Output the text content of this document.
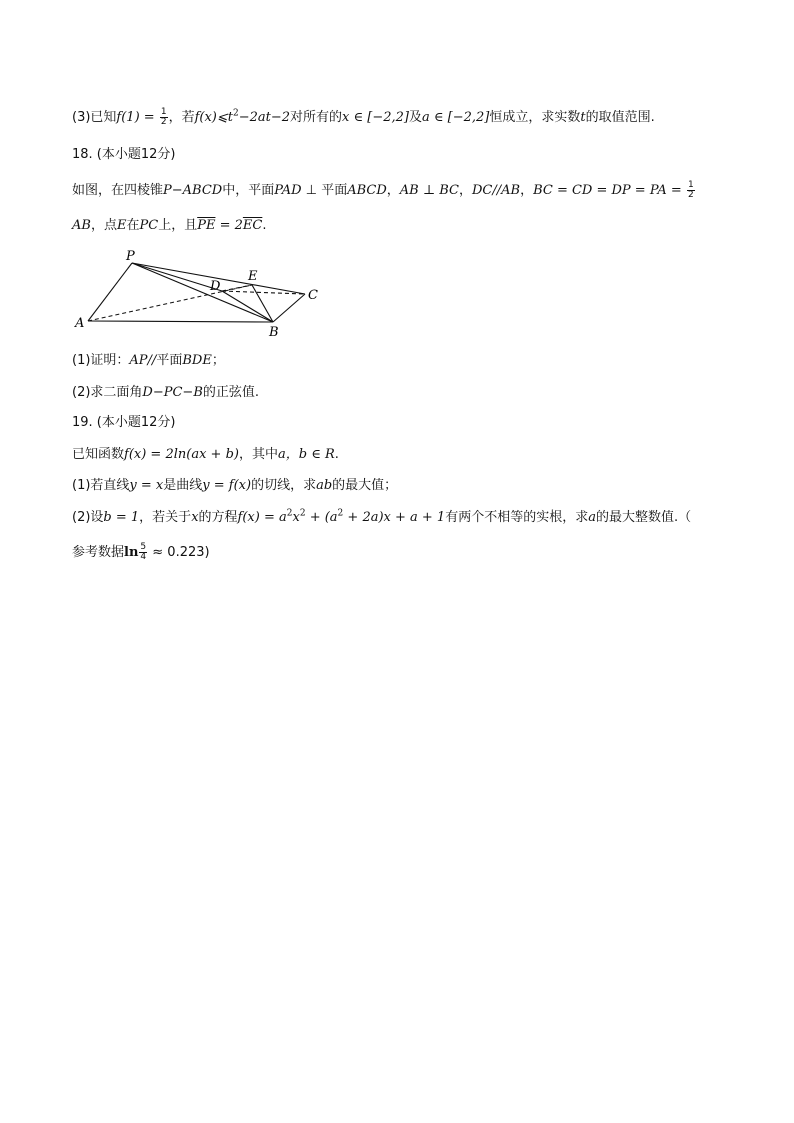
(3)已知$f(1) = \frac{1}{2}$ ，若$f(x)⩽t^2-2at-2$对所有的x ∈ [−2,2]及a ∈ [−2,2]恒成立，求实数t的取值范围.
18. (本小题12分)
如图，在四棱锥P−ABCD中，平面PAD ⊥ 平面ABCD，AB ⊥ BC，DC//AB，BC = CD = DP = PA = $\frac{1}{2}$
AB，点E在PC上，且$\overline{PE} = 2\overline{EC}$.
P
E
D
C
A
B
(1)证明：AP//平面BDE；
(2)求二面角D−PC−B的正弦值.
19. (本小题12分)
已知函数f(x) = 2ln(ax + b)，其中a，b ∈ R.
(1)若直线y = x是曲线y = f(x)的切线，求ab的最大值；
(2)设b = 1，若关于x的方程$f(x) = a^2x^2 + (a^2 + 2a)x + a + 1$有两个不相等的实根，求a的最大整数值.（
参考数据$\ln \frac{5}{4} \approx 0.223$)
